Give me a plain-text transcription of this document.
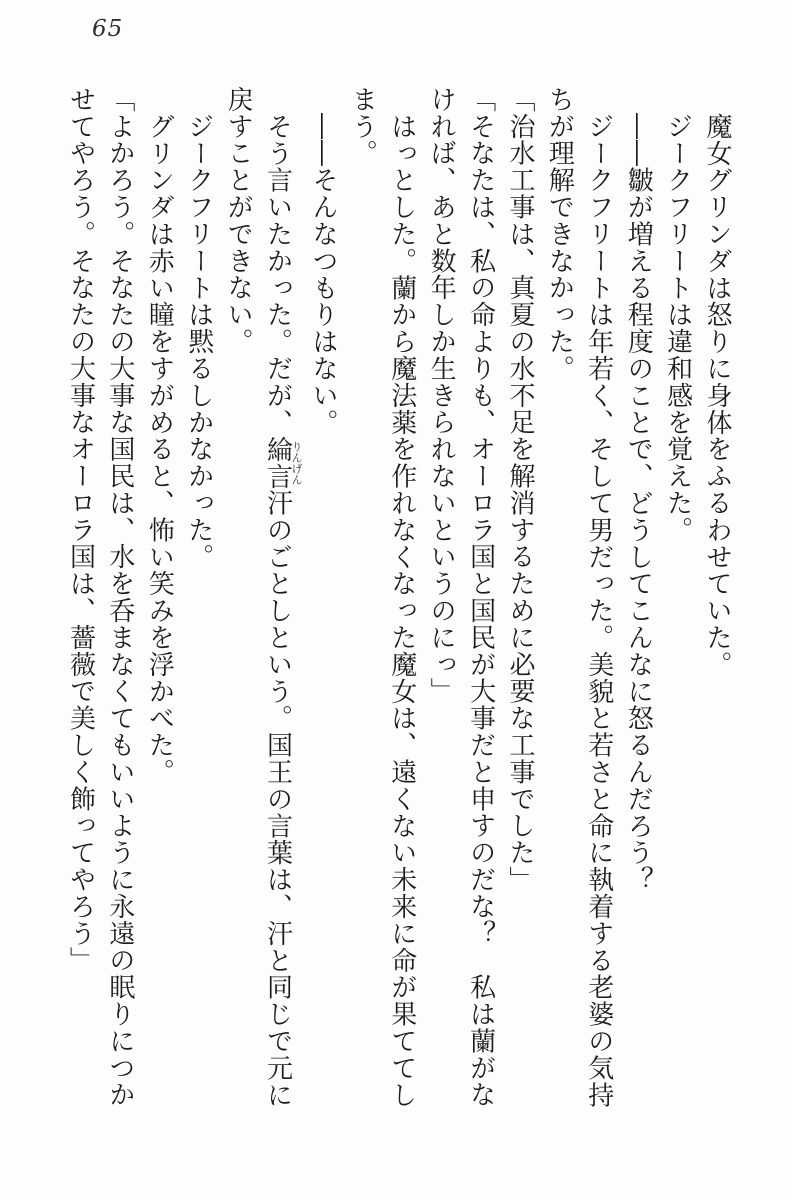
65
魔女グリンダは怒りに身体をふるわせていた。
ジークフリートは違和感を覚えた。
――皺が増える程度のことで、どうしてこんなに怒るんだろう？
ジークフリートは年若く、そして男だった。美貌と若さと命に執着する老婆の気持
ちが理解できなかった。
「治水工事は、真夏の水不足を解消するために必要な工事でした」
「そなたは、私の命よりも、オーロラ国と国民が大事だと申すのだな？　私は蘭がな
ければ、あと数年しか生きられないというのにっ」
はっとした。蘭から魔法薬を作れなくなった魔女は、遠くない未来に命が果ててし
まう。
――そんなつもりはない。
そう言いたかった。だが、綸言りんげん汗のごとしという。国王の言葉は、汗と同じで元に
戻すことができない。
ジークフリートは黙るしかなかった。
グリンダは赤い瞳をすがめると、怖い笑みを浮かべた。
「よかろう。そなたの大事な国民は、水を呑まなくてもいいように永遠の眠りにつか
せてやろう。そなたの大事なオーロラ国は、薔薇で美しく飾ってやろう」
